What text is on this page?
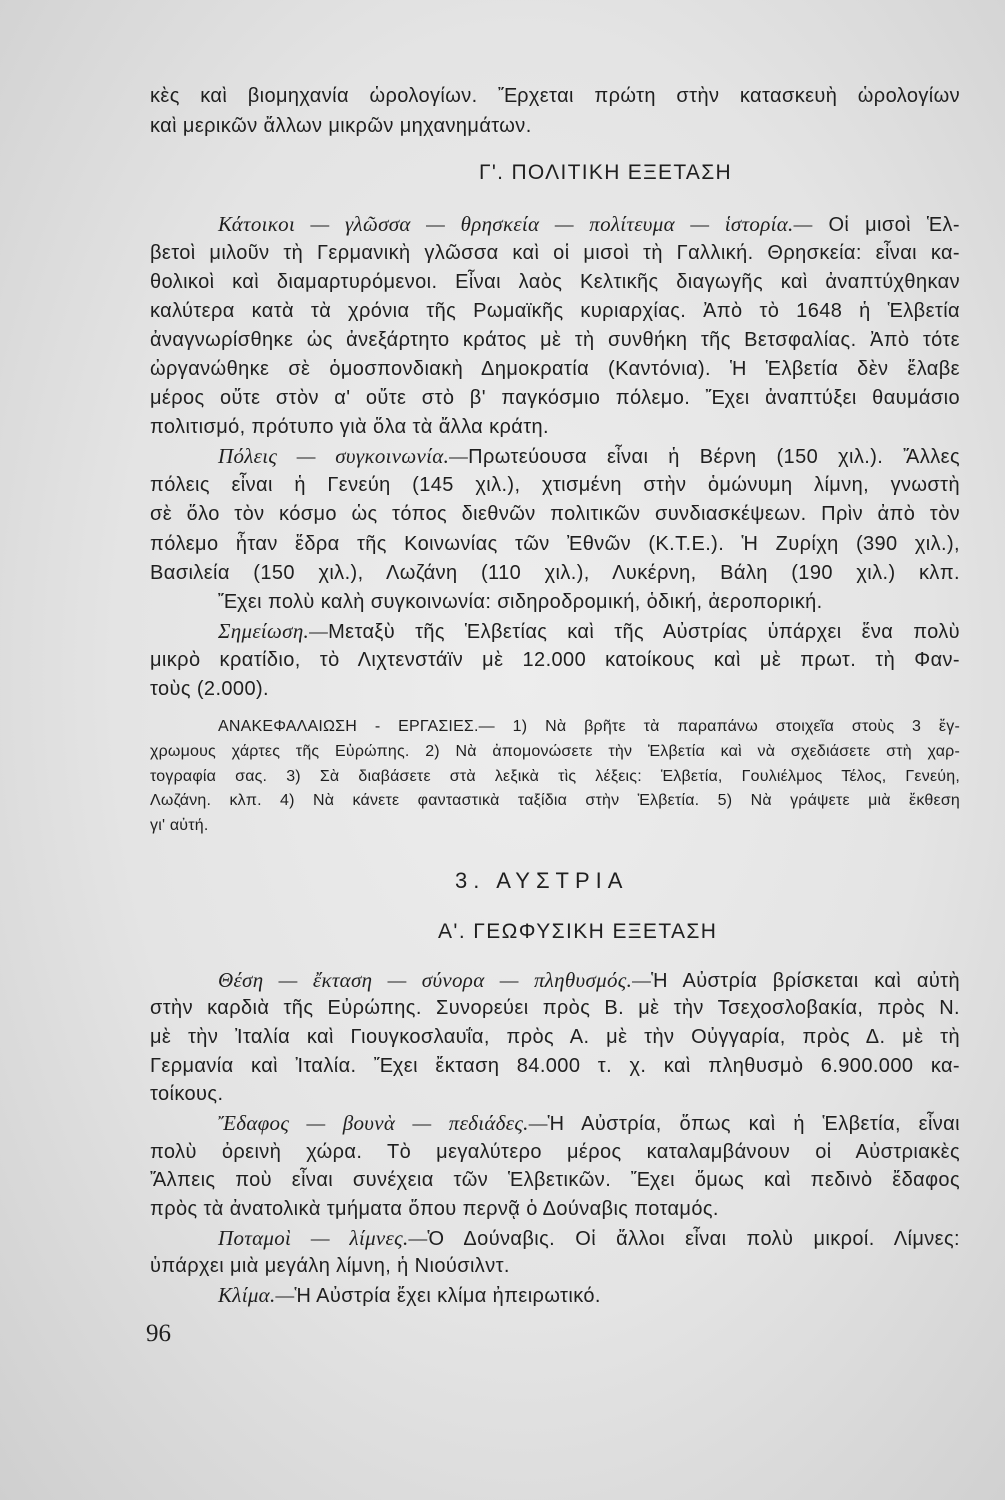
κὲς καὶ βιομηχανία ὡρολογίων. Ἔρχεται πρώτη στὴν κατασκευὴ ὡρολογίων
καὶ μερικῶν ἄλλων μικρῶν μηχανημάτων.
Γ'. ΠΟΛΙΤΙΚΗ ΕΞΕΤΑΣΗ
Κάτοικοι — γλῶσσα — θρησκεία — πολίτευμα — ἱστορία.— Οἱ μισοὶ Ἑλ-
βετοὶ μιλοῦν τὴ Γερμανικὴ γλῶσσα καὶ οἱ μισοὶ τὴ Γαλλική. Θρησκεία: εἶναι κα-
θολικοὶ καὶ διαμαρτυρόμενοι. Εἶναι λαὸς Κελτικῆς διαγωγῆς καὶ ἀναπτύχθηκαν
καλύτερα κατὰ τὰ χρόνια τῆς Ρωμαϊκῆς κυριαρχίας. Ἀπὸ τὸ 1648 ἡ Ἑλβετία
ἀναγνωρίσθηκε ὡς ἀνεξάρτητο κράτος μὲ τὴ συνθήκη τῆς Βετσφαλίας. Ἀπὸ τότε
ὠργανώθηκε σὲ ὁμοσπονδιακὴ Δημοκρατία (Καντόνια). Ἡ Ἑλβετία δὲν ἔλαβε
μέρος οὔτε στὸν α' οὔτε στὸ β' παγκόσμιο πόλεμο. Ἔχει ἀναπτύξει θαυμάσιο
πολιτισμό, πρότυπο γιὰ ὅλα τὰ ἄλλα κράτη.
Πόλεις — συγκοινωνία.—Πρωτεύουσα εἶναι ἡ Βέρνη (150 χιλ.). Ἄλλες
πόλεις εἶναι ἡ Γενεύη (145 χιλ.), χτισμένη στὴν ὁμώνυμη λίμνη, γνωστὴ
σὲ ὅλο τὸν κόσμο ὡς τόπος διεθνῶν πολιτικῶν συνδιασκέψεων. Πρὶν ἀπὸ τὸν
πόλεμο ἦταν ἕδρα τῆς Κοινωνίας τῶν Ἐθνῶν (Κ.Τ.Ε.). Ἡ Ζυρίχη (390 χιλ.),
Βασιλεία (150 χιλ.), Λωζάνη (110 χιλ.), Λυκέρνη, Βάλη (190 χιλ.) κλπ.
Ἔχει πολὺ καλὴ συγκοινωνία: σιδηροδρομική, ὁδική, ἀεροπορική.
Σημείωση.—Μεταξὺ τῆς Ἑλβετίας καὶ τῆς Αὐστρίας ὑπάρχει ἕνα πολὺ
μικρὸ κρατίδιο, τὸ Λιχτενστάϊν μὲ 12.000 κατοίκους καὶ μὲ πρωτ. τὴ Φαν-
τοὺς (2.000).
ΑΝΑΚΕΦΑΛΑΙΩΣΗ - ΕΡΓΑΣΙΕΣ.— 1) Νὰ βρῆτε τὰ παραπάνω στοιχεῖα στοὺς 3 ἔγ-
χρωμους χάρτες τῆς Εὐρώπης. 2) Νὰ ἀπομονώσετε τὴν Ἐλβετία καὶ νὰ σχεδιάσετε στὴ χαρ-
τογραφία σας. 3) Σὰ διαβάσετε στὰ λεξικὰ τὶς λέξεις: Ἑλβετία, Γουλιέλμος Τέλος, Γενεύη,
Λωζάνη. κλπ. 4) Νὰ κάνετε φανταστικὰ ταξίδια στὴν Ἑλβετία. 5) Νὰ γράψετε μιὰ ἔκθεση
γι' αὐτή.
3. ΑΥΣΤΡΙΑ
Α'. ΓΕΩΦΥΣΙΚΗ ΕΞΕΤΑΣΗ
Θέση — ἔκταση — σύνορα — πληθυσμός.—Ἡ Αὐστρία βρίσκεται καὶ αὐτὴ
στὴν καρδιὰ τῆς Εὐρώπης. Συνορεύει πρὸς Β. μὲ τὴν Τσεχοσλοβακία, πρὸς Ν.
μὲ τὴν Ἰταλία καὶ Γιουγκοσλαυΐα, πρὸς Α. μὲ τὴν Οὐγγαρία, πρὸς Δ. μὲ τὴ
Γερμανία καὶ Ἰταλία. Ἔχει ἔκταση 84.000 τ. χ. καὶ πληθυσμὸ 6.900.000 κα-
τοίκους.
Ἔδαφος — βουνὰ — πεδιάδες.—Ἡ Αὐστρία, ὅπως καὶ ἡ Ἑλβετία, εἶναι
πολὺ ὀρεινὴ χώρα. Τὸ μεγαλύτερο μέρος καταλαμβάνουν οἱ Αὐστριακὲς
Ἄλπεις ποὺ εἶναι συνέχεια τῶν Ἑλβετικῶν. Ἔχει ὅμως καὶ πεδινὸ ἔδαφος
πρὸς τὰ ἀνατολικὰ τμήματα ὅπου περνᾷ ὁ Δούναβις ποταμός.
Ποταμοὶ — λίμνες.—Ὁ Δούναβις. Οἱ ἄλλοι εἶναι πολὺ μικροί. Λίμνες:
ὑπάρχει μιὰ μεγάλη λίμνη, ἡ Νιούσιλντ.
Κλίμα.—Ἡ Αὐστρία ἔχει κλίμα ἠπειρωτικό.
96
